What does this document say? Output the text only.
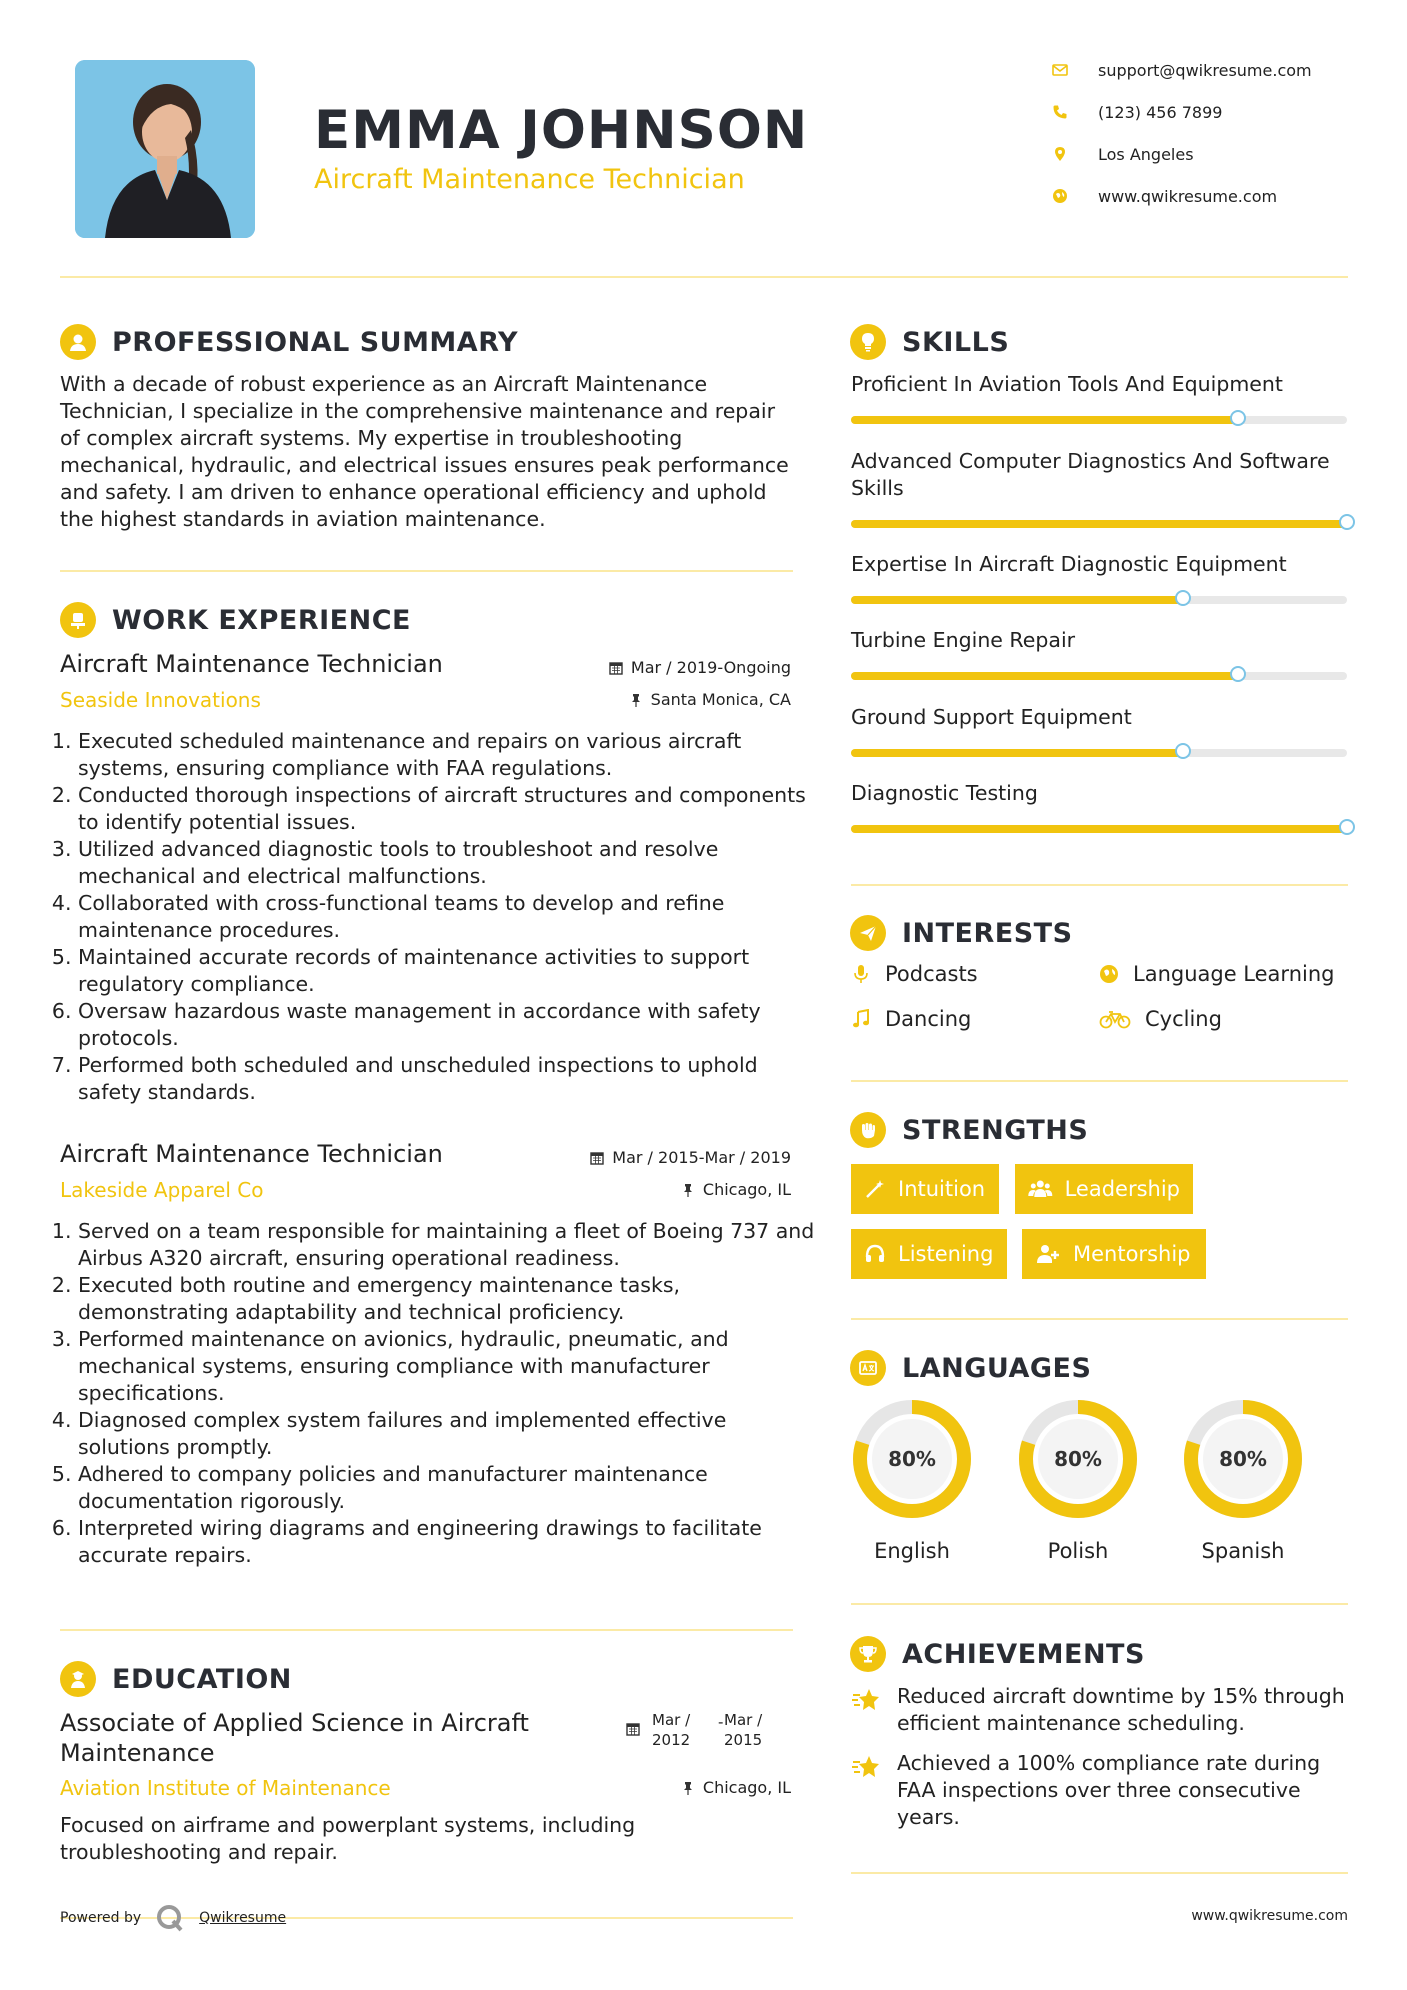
EMMA JOHNSON
Aircraft Maintenance Technician
support@qwikresume.com
(123) 456 7899
Los Angeles
www.qwikresume.com
PROFESSIONAL SUMMARY
With a decade of robust experience as an Aircraft Maintenance Technician, I specialize in the comprehensive maintenance and repair of complex aircraft systems. My expertise in troubleshooting mechanical, hydraulic, and electrical issues ensures peak performance and safety. I am driven to enhance operational efficiency and uphold the highest standards in aviation maintenance.
WORK EXPERIENCE
Aircraft Maintenance Technician	Mar / 2019-Ongoing
Seaside Innovations	Santa Monica, CA
1. Executed scheduled maintenance and repairs on various aircraft systems, ensuring compliance with FAA regulations.
2. Conducted thorough inspections of aircraft structures and components to identify potential issues.
3. Utilized advanced diagnostic tools to troubleshoot and resolve mechanical and electrical malfunctions.
4. Collaborated with cross-functional teams to develop and refine maintenance procedures.
5. Maintained accurate records of maintenance activities to support regulatory compliance.
6. Oversaw hazardous waste management in accordance with safety protocols.
7. Performed both scheduled and unscheduled inspections to uphold safety standards.
Aircraft Maintenance Technician	Mar / 2015-Mar / 2019
Lakeside Apparel Co	Chicago, IL
1. Served on a team responsible for maintaining a fleet of Boeing 737 and Airbus A320 aircraft, ensuring operational readiness.
2. Executed both routine and emergency maintenance tasks, demonstrating adaptability and technical proficiency.
3. Performed maintenance on avionics, hydraulic, pneumatic, and mechanical systems, ensuring compliance with manufacturer specifications.
4. Diagnosed complex system failures and implemented effective solutions promptly.
5. Adhered to company policies and manufacturer maintenance documentation rigorously.
6. Interpreted wiring diagrams and engineering drawings to facilitate accurate repairs.
EDUCATION
Associate of Applied Science in Aircraft Maintenance
Mar / 2012
- Mar / 2015
Aviation Institute of Maintenance	Chicago, IL
Focused on airframe and powerplant systems, including troubleshooting and repair.
Powered by	Qwikresume	www.qwikresume.com
SKILLS
Proficient In Aviation Tools And Equipment
Advanced Computer Diagnostics And Software Skills
Expertise In Aircraft Diagnostic Equipment
Turbine Engine Repair
Ground Support Equipment
Diagnostic Testing
INTERESTS
Podcasts	Language Learning
Dancing	Cycling
STRENGTHS
Intuition	Leadership
Listening	Mentorship
LANGUAGES
80%
English
80%
Polish
80%
Spanish
ACHIEVEMENTS
Reduced aircraft downtime by 15% through efficient maintenance scheduling.
Achieved a 100% compliance rate during FAA inspections over three consecutive years.
